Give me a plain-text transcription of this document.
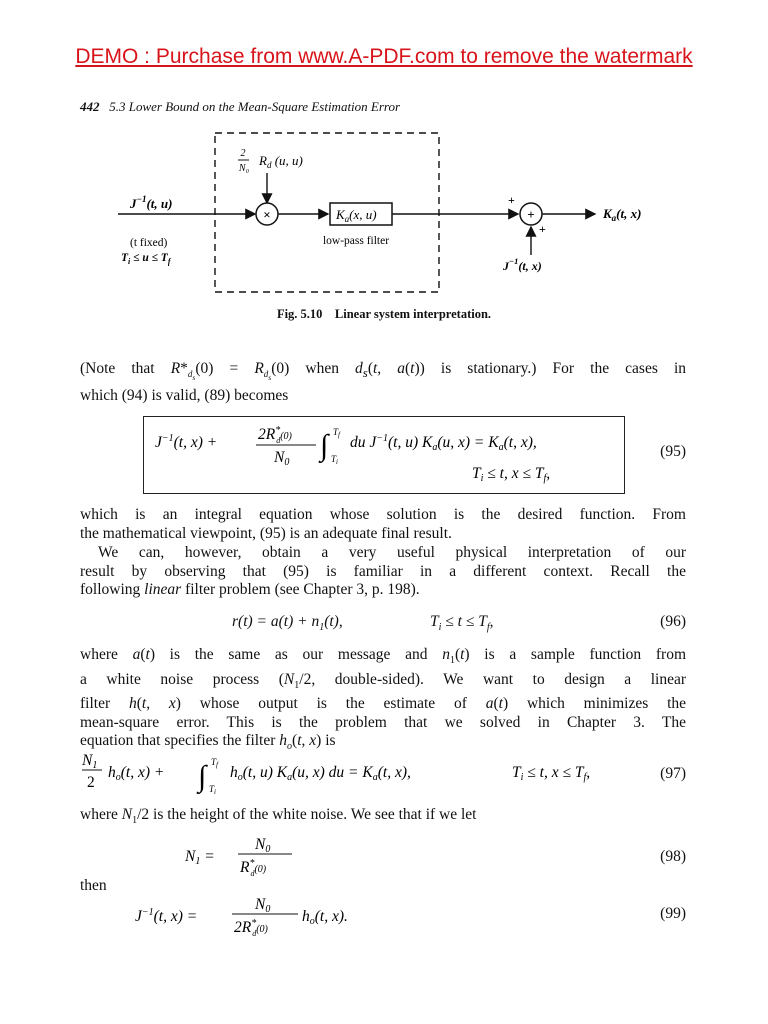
DEMO : Purchase from www.A-PDF.com to remove the watermark
442 5.3 Lower Bound on the Mean-Square Estimation Error
2
N₀
$R_d$ (u, u)
$J^{-1}(t$, u)
×	$K_a(x$, u)
low-pass filter
+
+
+
$J^{-1}(t$, x)
$K_a(t$, x)
(t fixed)
$T_i \le u \le T_f$
Fig. 5.10 Linear system interpretation.
(Note that $R*_{d_s}(0) = R_{d_s}(0)$ when $d_s(t$, a(t)) is stationary.) For the cases in
which (94) is valid, (89) becomes
$J^{-1}(t$, x) +	2R* $d^{(0)}$
N0
∫ $T_f$
$T_i$
du $J^{-1}(t$, u) Ka(u, x) = Ka(t, x),
Ti ≤ t, x ≤ Tf,
(95)
which is an integral equation whose solution is the desired function. From
the mathematical viewpoint, (95) is an adequate final result.
We can, however, obtain a very useful physical interpretation of our
result by observing that (95) is familiar in a different context. Recall the
following linear filter problem (see Chapter 3, p. 198).
$r(t) = a(t) + n_1(t)$,	$T_i \le t \le T_f$,	(96)
where a(t) is the same as our message and $n_1(t)$ is a sample function from
a white noise process ($N_1/2$, double-sided). We want to design a linear
filter h(t, x) whose output is the estimate of a(t) which minimizes the
mean-square error. This is the problem that we solved in Chapter 3. The
equation that specifies the filter $h_o(t$, x) is
N1
2
ho(t, x) + ∫ $T_f$
$T_i$
ho(t, u) Ka(u, x) du = Ka(t, x),	Ti ≤ t, x ≤ Tf,	(97)
where $N_1/2$ is the height of the white noise. We see that if we let
N1 =
N0
R* $d^{(0)}$
(98)
then
$J^{-1}(t$, x) =
N0
2R* $d^{(0)}$
ho(t, x).	(99)
